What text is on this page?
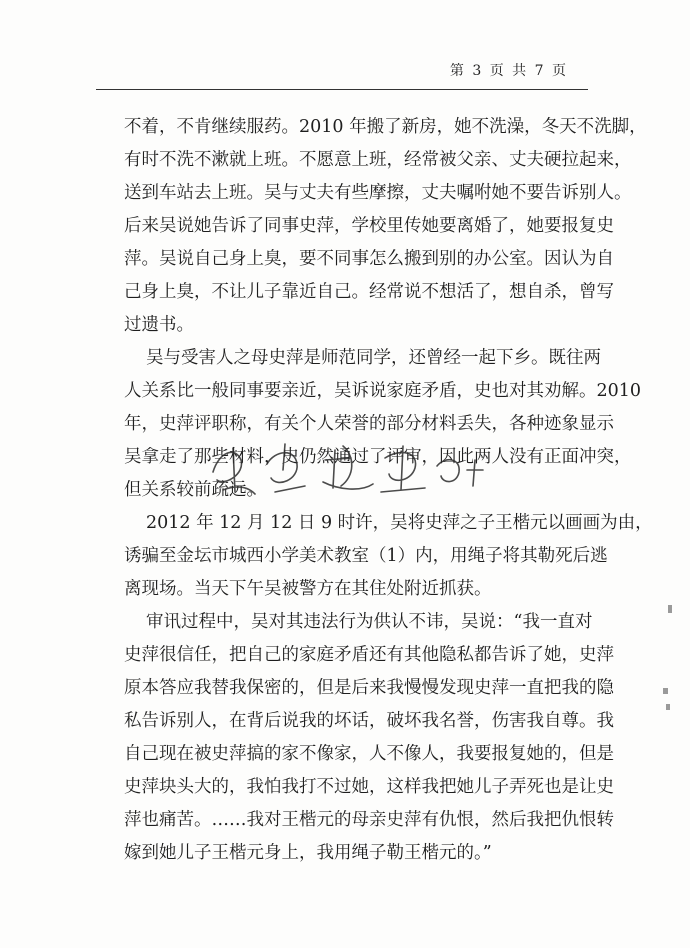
第 3 页 共 7 页
不着，不肯继续服药。2010 年搬了新房，她不洗澡，冬天不洗脚，
有时不洗不漱就上班。不愿意上班，经常被父亲、丈夫硬拉起来，
送到车站去上班。吴与丈夫有些摩擦，丈夫嘱咐她不要告诉别人。
后来吴说她告诉了同事史萍，学校里传她要离婚了，她要报复史
萍。吴说自己身上臭，要不同事怎么搬到别的办公室。因认为自
己身上臭，不让儿子靠近自己。经常说不想活了，想自杀，曾写
过遗书。
吴与受害人之母史萍是师范同学，还曾经一起下乡。既往两
人关系比一般同事要亲近，吴诉说家庭矛盾，史也对其劝解。2010
年，史萍评职称，有关个人荣誉的部分材料丢失，各种迹象显示
吴拿走了那些材料，史仍然通过了评审，因此两人没有正面冲突，
但关系较前疏远。
2012 年 12 月 12 日 9 时许，吴将史萍之子王楷元以画画为由，
诱骗至金坛市城西小学美术教室（1）内，用绳子将其勒死后逃
离现场。当天下午吴被警方在其住处附近抓获。
审讯过程中，吴对其违法行为供认不讳，吴说：“我一直对
史萍很信任，把自己的家庭矛盾还有其他隐私都告诉了她，史萍
原本答应我替我保密的，但是后来我慢慢发现史萍一直把我的隐
私告诉别人，在背后说我的坏话，破坏我名誉，伤害我自尊。我
自己现在被史萍搞的家不像家，人不像人，我要报复她的，但是
史萍块头大的，我怕我打不过她，这样我把她儿子弄死也是让史
萍也痛苦。……我对王楷元的母亲史萍有仇恨，然后我把仇恨转
嫁到她儿子王楷元身上，我用绳子勒王楷元的。”
